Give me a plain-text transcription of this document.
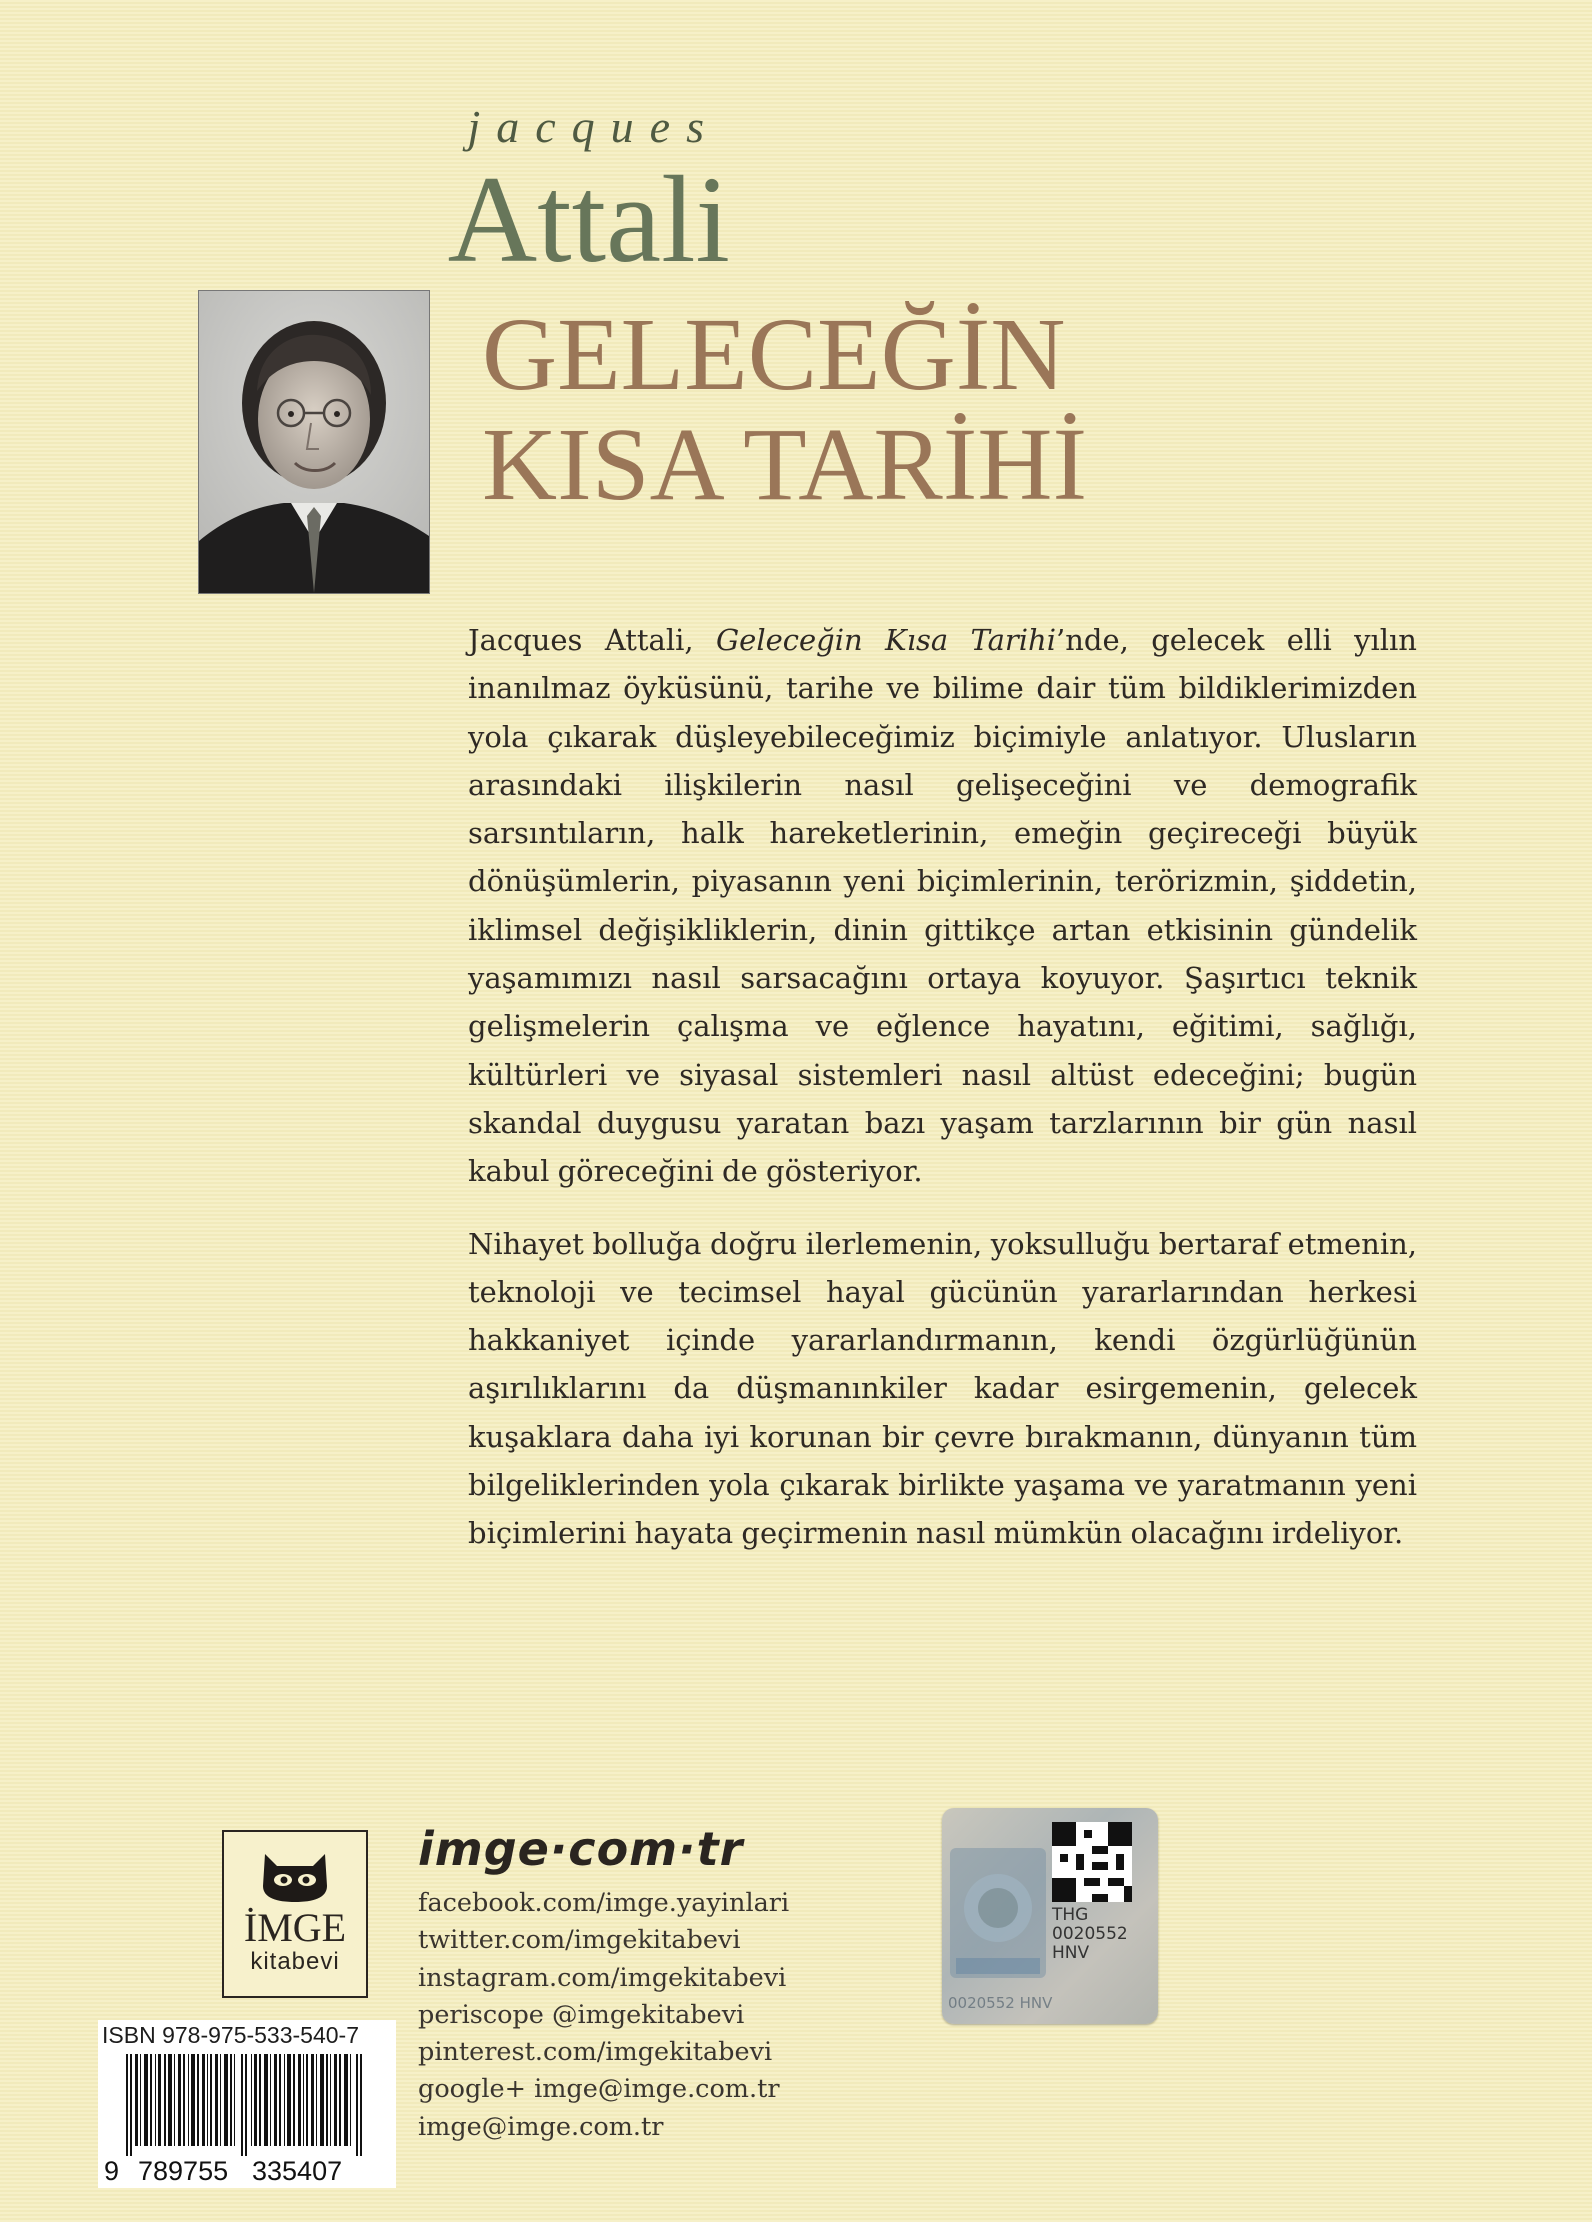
jacques
Attali
GELECEĞİN
KISA TARİHİ

Jacques Attali, Geleceğin Kısa Tarihi’nde, gelecek elli yılın inanılmaz öyküsünü, tarihe ve bilime dair tüm bildiklerimizden yola çıkarak düşleyebileceğimiz biçimiyle anlatıyor. Ulusların arasındaki ilişkilerin nasıl gelişeceğini ve demografik sarsıntıların, halk hareketlerinin, emeğin geçireceği büyük dönüşümlerin, piyasanın yeni biçimlerinin, terörizmin, şiddetin, iklimsel değişikliklerin, dinin gittikçe artan etkisinin gündelik yaşamımızı nasıl sarsacağını ortaya koyuyor. Şaşırtıcı teknik gelişmelerin çalışma ve eğlence hayatını, eğitimi, sağlığı, kültürleri ve siyasal sistemleri nasıl altüst edeceğini; bugün skandal duygusu yaratan bazı yaşam tarzlarının bir gün nasıl kabul göreceğini de gösteriyor.

Nihayet bolluğa doğru ilerlemenin, yoksulluğu bertaraf etmenin, teknoloji ve tecimsel hayal gücünün yararlarından herkesi hakkaniyet içinde yararlandırmanın, kendi özgürlüğünün aşırılıklarını da düşmanınkiler kadar esirgemenin, gelecek kuşaklara daha iyi korunan bir çevre bırakmanın, dünyanın tüm bilgeliklerinden yola çıkarak birlikte yaşama ve yaratmanın yeni biçimlerini hayata geçirmenin nasıl mümkün olacağını irdeliyor.

İMGE
kitabevi
ISBN 978-975-533-540-7
9 789755 335407
imge·com·tr
facebook.com/imge.yayinlari
twitter.com/imgekitabevi
instagram.com/imgekitabevi
periscope @imgekitabevi
pinterest.com/imgekitabevi
google+ imge@imge.com.tr
imge@imge.com.tr
THG
0020552
HNV
0020552 HNV
